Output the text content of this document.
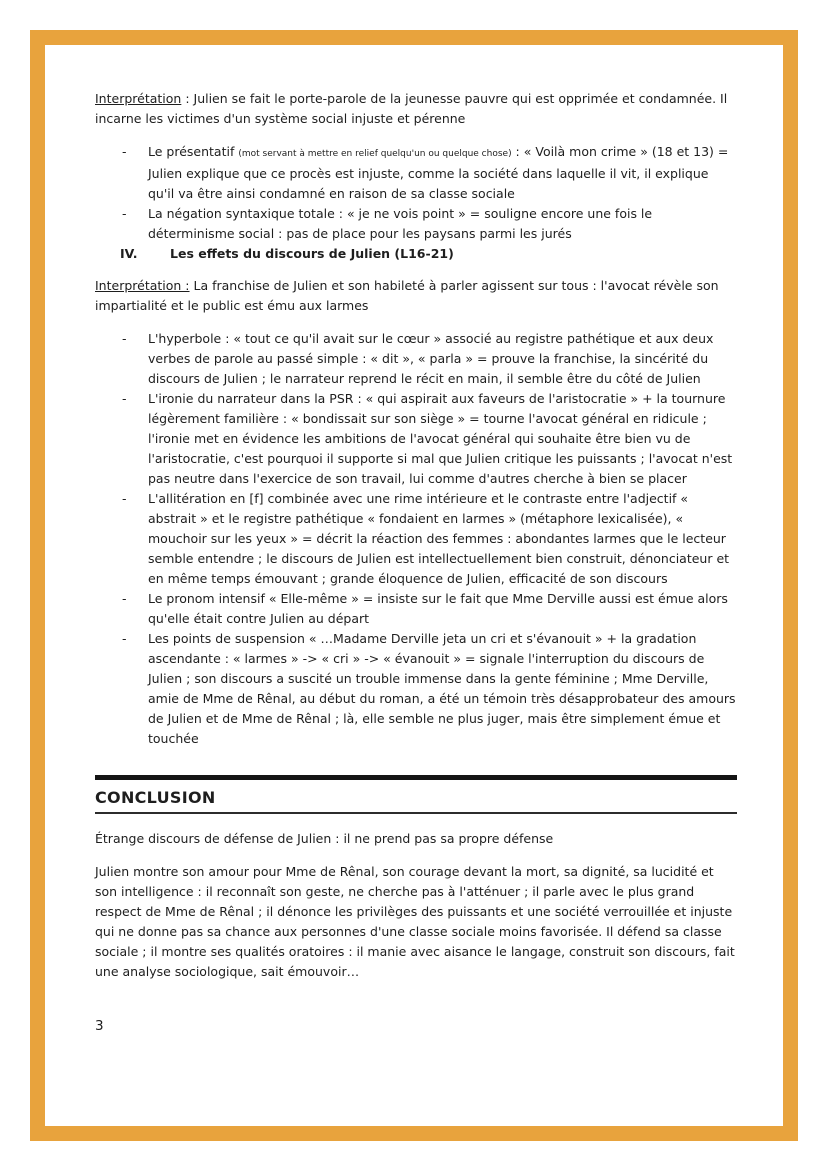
Interprétation : Julien se fait le porte-parole de la jeunesse pauvre qui est opprimée et condamnée. Il incarne les victimes d'un système social injuste et pérenne

- Le présentatif (mot servant à mettre en relief quelqu'un ou quelque chose) : « Voilà mon crime » (18 et 13) = Julien explique que ce procès est injuste, comme la société dans laquelle il vit, il explique qu'il va être ainsi condamné en raison de sa classe sociale
- La négation syntaxique totale : « je ne vois point » = souligne encore une fois le déterminisme social : pas de place pour les paysans parmi les jurés
IV.	Les effets du discours de Julien (L16-21)

Interprétation : La franchise de Julien et son habileté à parler agissent sur tous : l'avocat révèle son impartialité et le public est ému aux larmes

- L'hyperbole : « tout ce qu'il avait sur le cœur » associé au registre pathétique et aux deux verbes de parole au passé simple : « dit », « parla » = prouve la franchise, la sincérité du discours de Julien ; le narrateur reprend le récit en main, il semble être du côté de Julien
- L'ironie du narrateur dans la PSR : « qui aspirait aux faveurs de l'aristocratie » + la tournure légèrement familière : « bondissait sur son siège » = tourne l'avocat général en ridicule ; l'ironie met en évidence les ambitions de l'avocat général qui souhaite être bien vu de l'aristocratie, c'est pourquoi il supporte si mal que Julien critique les puissants ; l'avocat n'est pas neutre dans l'exercice de son travail, lui comme d'autres cherche à bien se placer
- L'allitération en [f] combinée avec une rime intérieure et le contraste entre l'adjectif « abstrait » et le registre pathétique « fondaient en larmes » (métaphore lexicalisée), « mouchoir sur les yeux » = décrit la réaction des femmes : abondantes larmes que le lecteur semble entendre ; le discours de Julien est intellectuellement bien construit, dénonciateur et en même temps émouvant ; grande éloquence de Julien, efficacité de son discours
- Le pronom intensif « Elle-même » = insiste sur le fait que Mme Derville aussi est émue alors qu'elle était contre Julien au départ
- Les points de suspension « …Madame Derville jeta un cri et s'évanouit » + la gradation ascendante : « larmes » -> « cri » -> « évanouit » = signale l'interruption du discours de Julien ; son discours a suscité un trouble immense dans la gente féminine ; Mme Derville, amie de Mme de Rênal, au début du roman, a été un témoin très désapprobateur des amours de Julien et de Mme de Rênal ; là, elle semble ne plus juger, mais être simplement émue et touchée
CONCLUSION

Étrange discours de défense de Julien : il ne prend pas sa propre défense

Julien montre son amour pour Mme de Rênal, son courage devant la mort, sa dignité, sa lucidité et son intelligence : il reconnaît son geste, ne cherche pas à l'atténuer ; il parle avec le plus grand respect de Mme de Rênal ; il dénonce les privilèges des puissants et une société verrouillée et injuste qui ne donne pas sa chance aux personnes d'une classe sociale moins favorisée. Il défend sa classe sociale ; il montre ses qualités oratoires : il manie avec aisance le langage, construit son discours, fait une analyse sociologique, sait émouvoir…

3
